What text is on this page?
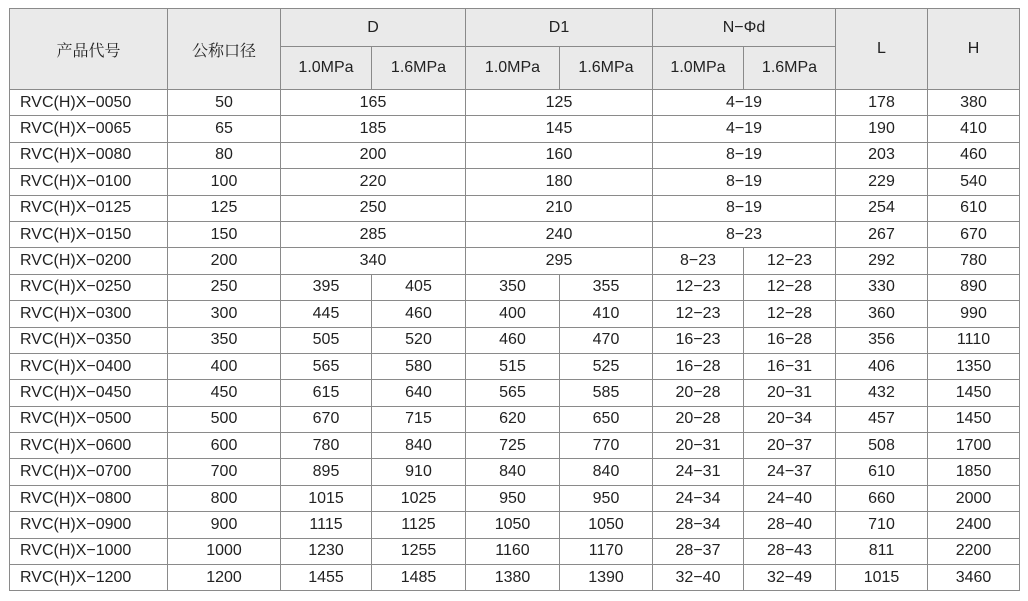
产品代号	公称口径	D		D1		N−Φd		L	H
		1.0MPa	1.6MPa	1.0MPa	1.6MPa	1.0MPa	1.6MPa		
RVC(H)X−0050	50	165		125		4−19		178	380
RVC(H)X−0065	65	185		145		4−19		190	410
RVC(H)X−0080	80	200		160		8−19		203	460
RVC(H)X−0100	100	220		180		8−19		229	540
RVC(H)X−0125	125	250		210		8−19		254	610
RVC(H)X−0150	150	285		240		8−23		267	670
RVC(H)X−0200	200	340		295		8−23	12−23	292	780
RVC(H)X−0250	250	395	405	350	355	12−23	12−28	330	890
RVC(H)X−0300	300	445	460	400	410	12−23	12−28	360	990
RVC(H)X−0350	350	505	520	460	470	16−23	16−28	356	1110
RVC(H)X−0400	400	565	580	515	525	16−28	16−31	406	1350
RVC(H)X−0450	450	615	640	565	585	20−28	20−31	432	1450
RVC(H)X−0500	500	670	715	620	650	20−28	20−34	457	1450
RVC(H)X−0600	600	780	840	725	770	20−31	20−37	508	1700
RVC(H)X−0700	700	895	910	840	840	24−31	24−37	610	1850
RVC(H)X−0800	800	1015	1025	950	950	24−34	24−40	660	2000
RVC(H)X−0900	900	1115	1125	1050	1050	28−34	28−40	710	2400
RVC(H)X−1000	1000	1230	1255	1160	1170	28−37	28−43	811	2200
RVC(H)X−1200	1200	1455	1485	1380	1390	32−40	32−49	1015	3460
